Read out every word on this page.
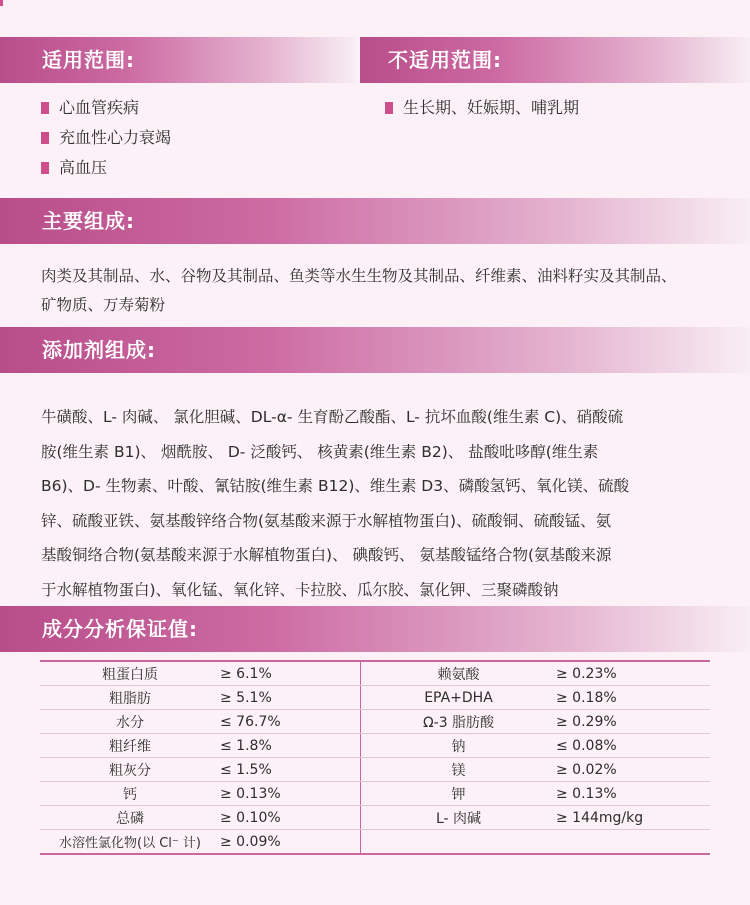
适用范围:	不适用范围:
心血管疾病
充血性心力衰竭
高血压
生长期、妊娠期、哺乳期
主要组成:
肉类及其制品、水、谷物及其制品、鱼类等水生生物及其制品、纤维素、油料籽实及其制品、
矿物质、万寿菊粉
添加剂组成:
牛磺酸、L- 肉碱、 氯化胆碱、DL-α- 生育酚乙酸酯、L- 抗坏血酸(维生素 C)、硝酸硫
胺(维生素 B1)、 烟酰胺、 D- 泛酸钙、 核黄素(维生素 B2)、 盐酸吡哆醇(维生素
B6)、D- 生物素、叶酸、氰钴胺(维生素 B12)、维生素 D3、磷酸氢钙、氧化镁、硫酸
锌、硫酸亚铁、氨基酸锌络合物(氨基酸来源于水解植物蛋白)、硫酸铜、硫酸锰、氨
基酸铜络合物(氨基酸来源于水解植物蛋白)、 碘酸钙、 氨基酸锰络合物(氨基酸来源
于水解植物蛋白)、氧化锰、氧化锌、卡拉胶、瓜尔胶、氯化钾、三聚磷酸钠
成分分析保证值:
粗蛋白质	≥ 6.1%		赖氨酸	≥ 0.23%
粗脂肪	≥ 5.1%		EPA+DHA	≥ 0.18%
水分	≤ 76.7%		Ω-3 脂肪酸	≥ 0.29%
粗纤维	≤ 1.8%		钠	≤ 0.08%
粗灰分	≤ 1.5%		镁	≥ 0.02%
钙	≥ 0.13%		钾	≥ 0.13%
总磷	≥ 0.10%		L- 肉碱	≥ 144mg/kg
水溶性氯化物(以 Cl⁻ 计)	≥ 0.09%			
